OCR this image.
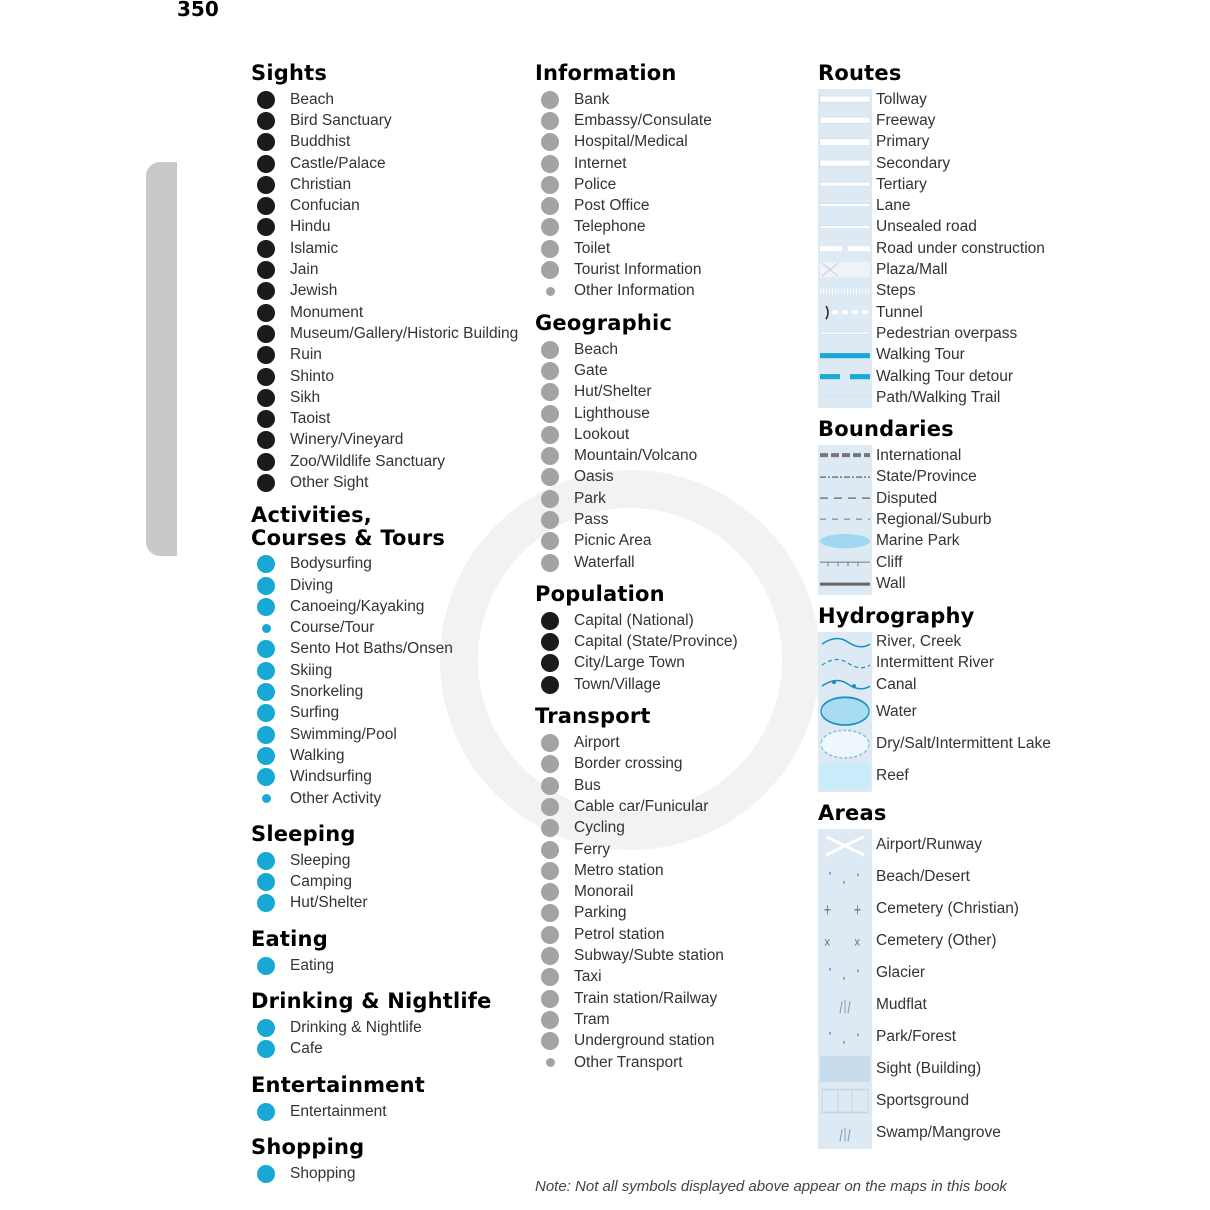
350
Sights
Beach
Bird Sanctuary
Buddhist
Castle/Palace
Christian
Confucian
Hindu
Islamic
Jain
Jewish
Monument
Museum/Gallery/Historic Building
Ruin
Shinto
Sikh
Taoist
Winery/Vineyard
Zoo/Wildlife Sanctuary
Other Sight
Activities,
Courses & Tours
Bodysurfing
Diving
Canoeing/Kayaking
Course/Tour
Sento Hot Baths/Onsen
Skiing
Snorkeling
Surfing
Swimming/Pool
Walking
Windsurfing
Other Activity
Sleeping
Sleeping
Camping
Hut/Shelter
Eating
Eating
Drinking & Nightlife
Drinking & Nightlife
Cafe
Entertainment
Entertainment
Shopping
Shopping
Information
Bank
Embassy/Consulate
Hospital/Medical
Internet
Police
Post Office
Telephone
Toilet
Tourist Information
Other Information
Geographic
Beach
Gate
Hut/Shelter
Lighthouse
Lookout
Mountain/Volcano
Oasis
Park
Pass
Picnic Area
Waterfall
Population
Capital (National)
Capital (State/Province)
City/Large Town
Town/Village
Transport
Airport
Border crossing
Bus
Cable car/Funicular
Cycling
Ferry
Metro station
Monorail
Parking
Petrol station
Subway/Subte station
Taxi
Train station/Railway
Tram
Underground station
Other Transport
Routes
Tollway
Freeway
Primary
Secondary
Tertiary
Lane
Unsealed road
Road under construction
Plaza/Mall
Steps
Tunnel
Pedestrian overpass
Walking Tour
Walking Tour detour
Path/Walking Trail
Boundaries
International
State/Province
Disputed
Regional/Suburb
Marine Park
Cliff
Wall
Hydrography
River, Creek
Intermittent River
Canal
Water
Dry/Salt/Intermittent Lake
Reef
Areas
Airport/Runway
Beach/Desert
+ + Cemetery (Christian)
× × Cemetery (Other)
Glacier
Mudflat
Park/Forest
Sight (Building)
Sportsground
Swamp/Mangrove
Note: Not all symbols displayed above appear on the maps in this book
